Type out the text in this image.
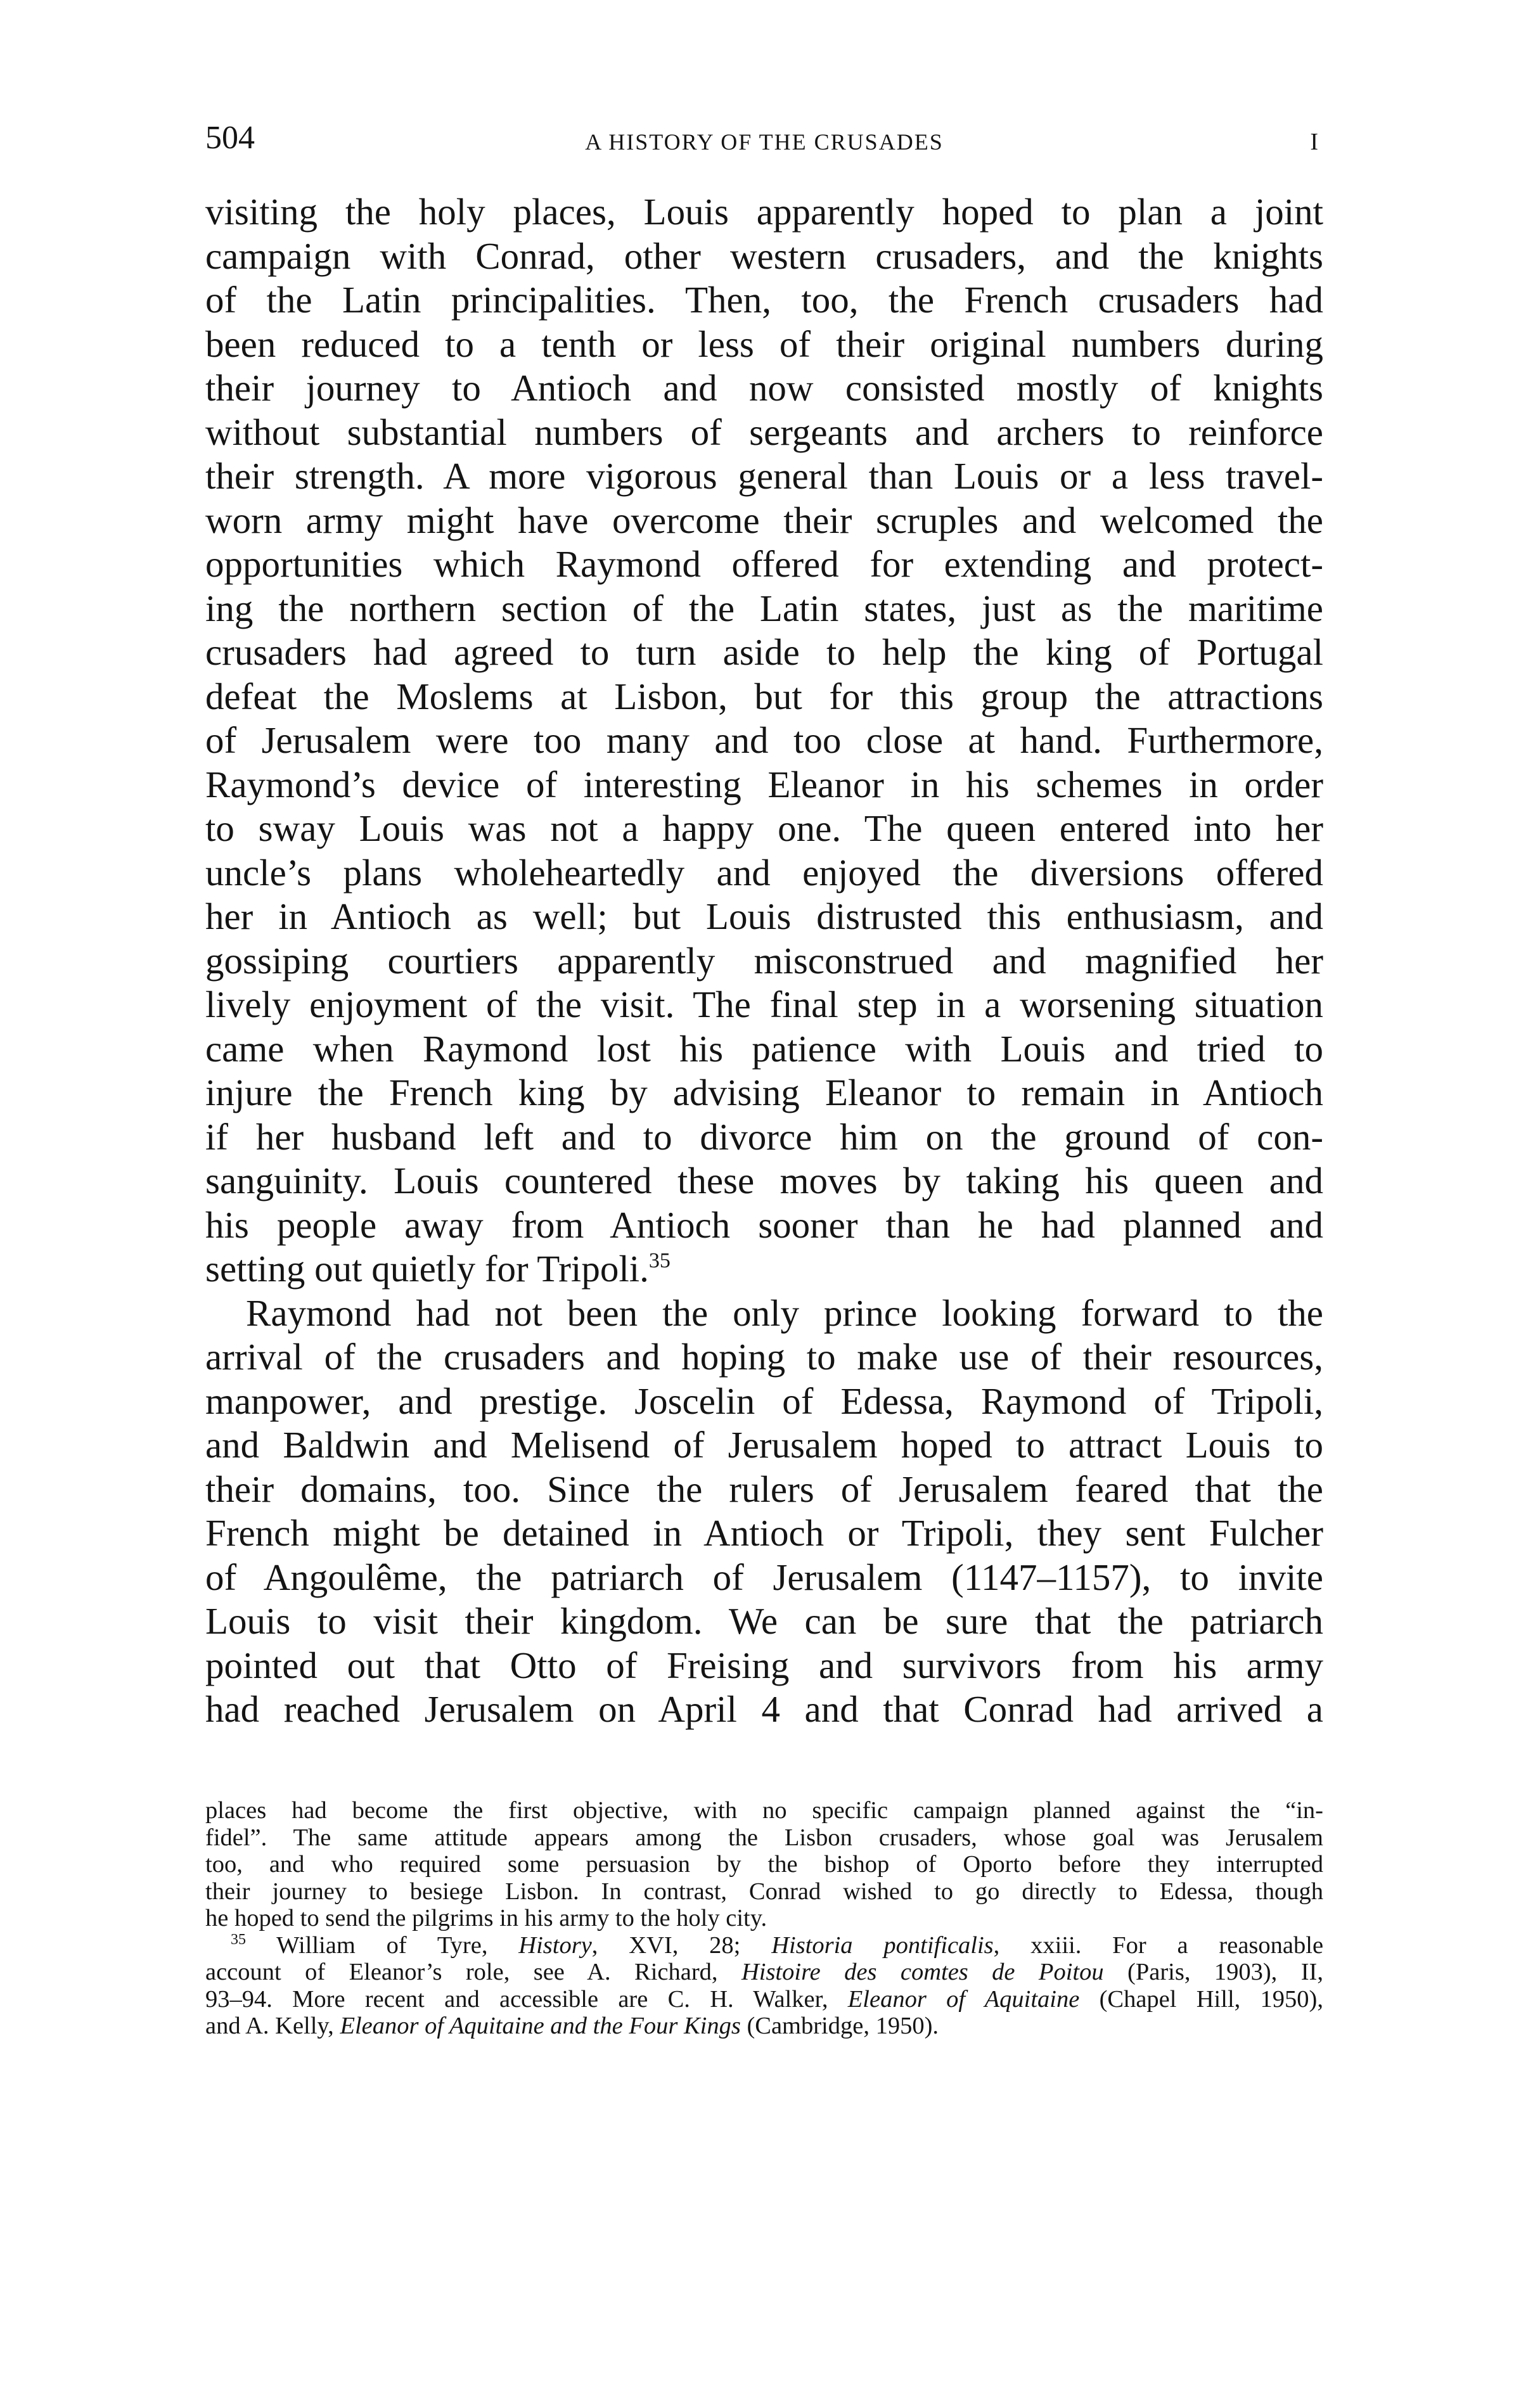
504	A HISTORY OF THE CRUSADES	I
visiting the holy places, Louis apparently hoped to plan a joint
campaign with Conrad, other western crusaders, and the knights
of the Latin principalities. Then, too, the French crusaders had
been reduced to a tenth or less of their original numbers during
their journey to Antioch and now consisted mostly of knights
without substantial numbers of sergeants and archers to reinforce
their strength. A more vigorous general than Louis or a less travel-
worn army might have overcome their scruples and welcomed the
opportunities which Raymond offered for extending and protect-
ing the northern section of the Latin states, just as the maritime
crusaders had agreed to turn aside to help the king of Portugal
defeat the Moslems at Lisbon, but for this group the attractions
of Jerusalem were too many and too close at hand. Furthermore,
Raymond’s device of interesting Eleanor in his schemes in order
to sway Louis was not a happy one. The queen entered into her
uncle’s plans wholeheartedly and enjoyed the diversions offered
her in Antioch as well; but Louis distrusted this enthusiasm, and
gossiping courtiers apparently misconstrued and magnified her
lively enjoyment of the visit. The final step in a worsening situation
came when Raymond lost his patience with Louis and tried to
injure the French king by advising Eleanor to remain in Antioch
if her husband left and to divorce him on the ground of con-
sanguinity. Louis countered these moves by taking his queen and
his people away from Antioch sooner than he had planned and
setting out quietly for Tripoli.$^{35}$
Raymond had not been the only prince looking forward to the
arrival of the crusaders and hoping to make use of their resources,
manpower, and prestige. Joscelin of Edessa, Raymond of Tripoli,
and Baldwin and Melisend of Jerusalem hoped to attract Louis to
their domains, too. Since the rulers of Jerusalem feared that the
French might be detained in Antioch or Tripoli, they sent Fulcher
of Angoulême, the patriarch of Jerusalem (1147–1157), to invite
Louis to visit their kingdom. We can be sure that the patriarch
pointed out that Otto of Freising and survivors from his army
had reached Jerusalem on April 4 and that Conrad had arrived a
places had become the first objective, with no specific campaign planned against the “in-
fidel”. The same attitude appears among the Lisbon crusaders, whose goal was Jerusalem
too, and who required some persuasion by the bishop of Oporto before they interrupted
their journey to besiege Lisbon. In contrast, Conrad wished to go directly to Edessa, though
he hoped to send the pilgrims in his army to the holy city.
$^{35}$ William of Tyre, History, XVI, 28; Historia pontificalis, xxiii. For a reasonable
account of Eleanor’s role, see A. Richard, Histoire des comtes de Poitou (Paris, 1903), II,
93–94. More recent and accessible are C. H. Walker, Eleanor of Aquitaine (Chapel Hill, 1950),
and A. Kelly, Eleanor of Aquitaine and the Four Kings (Cambridge, 1950).
